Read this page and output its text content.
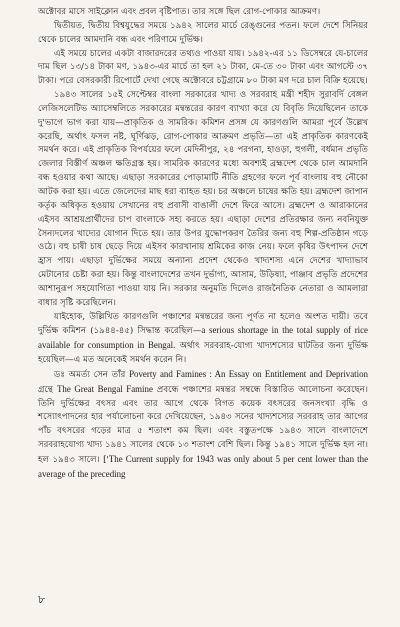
অক্টোবর মাসে সাইক্লোন এবং প্রবল বৃষ্টিপাত। তার সঙ্গে ছিল রোগ-পোকার আক্রমণ।

দ্বিতীয়ত, দ্বিতীয় বিশ্বযুদ্ধের সময়ে ১৯৪২ সালের মার্চে রেঙ্গুনের পতন। ফলে দেশে সিনিয়র থেকে চালের আমদানি বন্ধ এবং পরিণামে দুর্ভিক্ষ।

এই সময়ে চালের একটা বাজারদরের তথ্যও পাওয়া যায়। ১৯৪২-এর ১১ ডিসেম্বরে যে-চালের দাম ছিল ১৩/১৪ টাকা মণ, ১৯৪৩-এর মার্চে তা হল ২১ টাকা, মে-তে ৩০ টাকা এবং আগস্টে ৩৭ টাকা। পরে বেসরকারী রিপোর্টে দেখা গেছে অক্টোবরে চট্টগ্রামে ৮০ টাকা মণ দরে চাল বিক্রি হয়েছে।

১৯৪৩ সালের ১৫ই সেপ্টেম্বর বাংলা সরকারের খাদ্য ও সরবরাহ মন্ত্রী শহীদ সুরাবর্দি বেঙ্গল লেজিসলেটিভ অ্যাসেম্বলিতে সরকারের মন্বন্তরের কারণ ব্যাখ্যা করে যে বিবৃতি দিয়েছিলেন তাকে দু'ভাগে ভাগ করা যায়—প্রাকৃতিক ও সামরিক। কমিশন প্রসঙ্গ যে কারণগুলি আমরা পূর্বে উল্লেখ করেছি, অর্থাৎ ফসল নষ্ট, ঘূর্ণিঝড়, রোগ-পোকার আক্রমণ প্রভৃতি—তা এই প্রাকৃতিক কারণকেই সমর্থন করে। এই প্রাকৃতিক বিপর্যয়ের ফলে মেদিনীপুর, ২৪ পরগনা, হাওড়া, হুগলী, বর্ধমান প্রভৃতি জেলার বিস্তীর্ণ অঞ্চল ক্ষতিগ্রস্ত হয়। সামরিক কারণের মধ্যে অবশ্যই ব্রহ্মদেশ থেকে চাল আমদানি বন্ধ হওয়ার কথা আছে। এছাড়া সরকারের পোড়ামাটি নীতি গ্রহণের ফলে পূর্ব বাংলায় বহু নৌকো আটক করা হয়। এতে জেলেদের মাছ ধরা ব্যাহত হয়। চর অঞ্চলে চাষের ক্ষতি হয়। ব্রহ্মদেশ জাপান কর্তৃক অধিকৃত হওয়ায় সেখানের বহু প্রবাসী বাঙালী দেশে ফিরে আসে। ব্রহ্মদেশ ও আরাকানের এইসব আশ্রয়প্রার্থীদের চাপ বাংলাকে সহ্য করতে হয়। এছাড়া দেশের প্রতিরক্ষার জন্য নবনিযুক্ত সৈন্যদলের খাদ্যের যোগান দিতে হয়। তার উপর যুদ্ধোপকরণ তৈরির জন্য বহু শিল্প-প্রতিষ্ঠান গড়ে ওঠে। বহু চাষী চাষ ছেড়ে দিয়ে এইসব কারখানায় শ্রমিকের কাজ নেয়। ফলে কৃষির উৎপাদন দেশে হ্রাস পায়। এছাড়া দুর্ভিক্ষের সময়ে অন্যান্য প্রদেশ থেকেও খাদ্যশস্য এনে দেশের খাদ্যাভাব মেটানোর চেষ্টা করা হয়। কিন্তু বাংলাদেশের তখন দুর্ভাগ্য, আসাম, উড়িষ্যা, পাঞ্জাব প্রভৃতি প্রদেশের আশানুরূপ সহযোগিতা পাওয়া যায় নি। সরকার অনুমতি দিলেও রাজনৈতিক নেতারা ও আমলারা বাধার সৃষ্টি করেছিলেন।

যাইহোক, উল্লিখিত কারণগুলি পঞ্চাশের মন্বন্তরের জন্য পূর্ণত না হলেও অংশত দায়ী। তবে দুর্ভিক্ষ কমিশন (১৯৪৪-৪৫) সিদ্ধান্ত করেছিল—a serious shortage in the total supply of rice available for consumption in Bengal. অর্থাৎ সরবরাহ-যোগ্য খাদ্যশস্যের ঘাটতির জন্য দুর্ভিক্ষ হয়েছিল—এ মত অনেকেই সমর্থন করেন নি।

ডঃ অমর্ত্য সেন তাঁর Poverty and Famines : An Essay on Entitlement and Deprivation গ্রন্থে The Great Bengal Famine প্রবন্ধে পঞ্চাশের মন্বন্তর সম্বন্ধে বিস্তারিত আলোচনা করেছেন। তিনি দুর্ভিক্ষের বৎসর এবং তার আগে থেকে বিগত কয়েক বৎসরের জনসংখ্যা বৃদ্ধি ও শস্যোৎপাদনের হার পর্যালোচনা করে দেখিয়েছেন, ১৯৪৩ সনের খাদ্যশস্যের সরবরাহ তার আগের পাঁচ বৎসরের গড়ের মাত্র ৫ শতাংশ কম ছিল। এবং বস্তুতপক্ষে ১৯৪৩ সালে বাংলাদেশে সরবরাহযোগ্য খাদ্য ১৯৪১ সালের থেকে ১৩ শতাংশ বেশি ছিল। কিন্তু ১৯৪১ সালে দুর্ভিক্ষ হল না। হল ১৯৪৩ সালে। ['The Current supply for 1943 was only about 5 per cent lower than the average of the preceding

৮
